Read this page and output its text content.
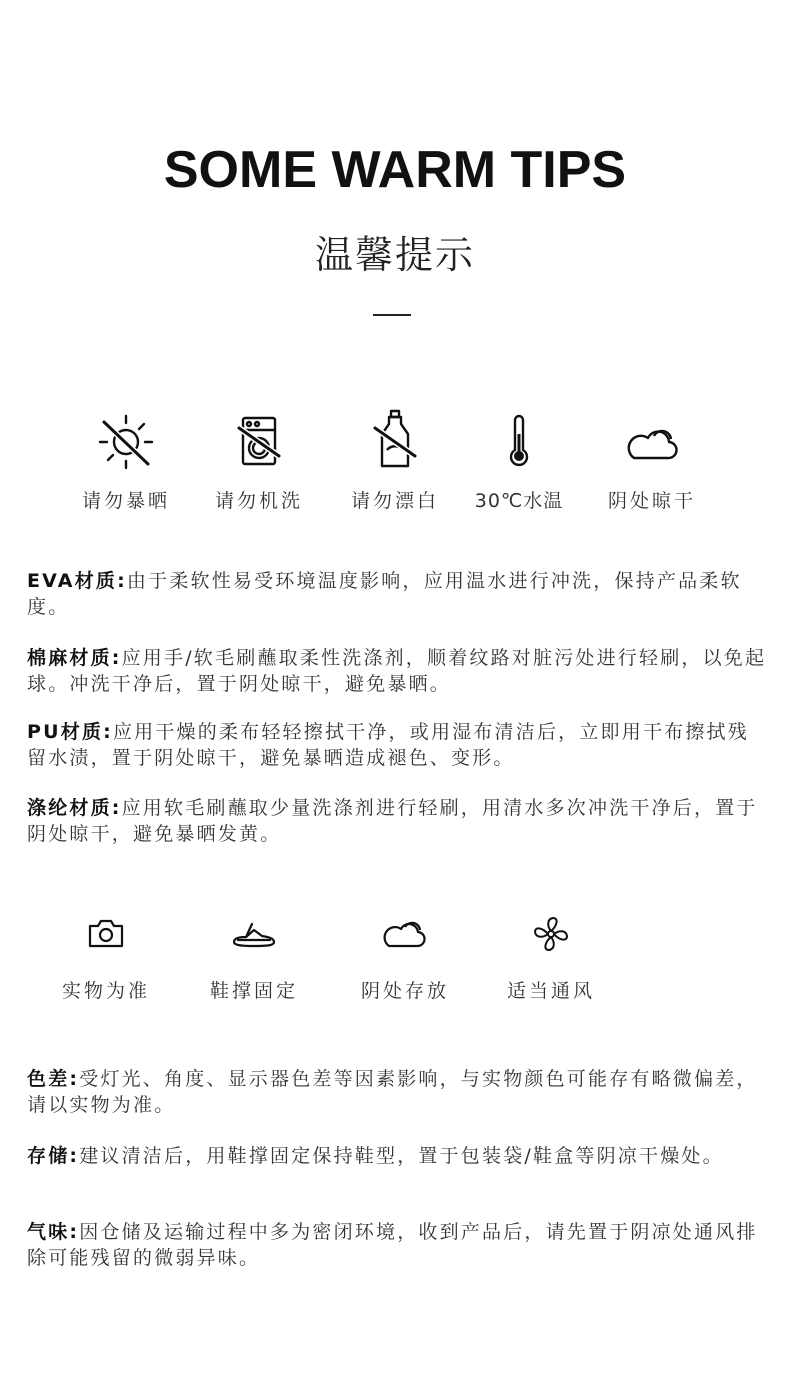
SOME WARM TIPS
温馨提示
请勿暴晒	请勿机洗	请勿漂白	30℃水温	阴处晾干
EVA材质:由于柔软性易受环境温度影响，应用温水进行冲洗，保持产品柔软度。
棉麻材质:应用手/软毛刷蘸取柔性洗涤剂，顺着纹路对脏污处进行轻刷，以免起球。冲洗干净后，置于阴处晾干，避免暴晒。
PU材质:应用干燥的柔布轻轻擦拭干净，或用湿布清洁后，立即用干布擦拭残留水渍，置于阴处晾干，避免暴晒造成褪色、变形。
涤纶材质:应用软毛刷蘸取少量洗涤剂进行轻刷，用清水多次冲洗干净后，置于阴处晾干，避免暴晒发黄。
实物为准	鞋撑固定	阴处存放	适当通风
色差:受灯光、角度、显示器色差等因素影响，与实物颜色可能存有略微偏差，请以实物为准。
存储:建议清洁后，用鞋撑固定保持鞋型，置于包装袋/鞋盒等阴凉干燥处。
气味:因仓储及运输过程中多为密闭环境，收到产品后，请先置于阴凉处通风排除可能残留的微弱异味。
